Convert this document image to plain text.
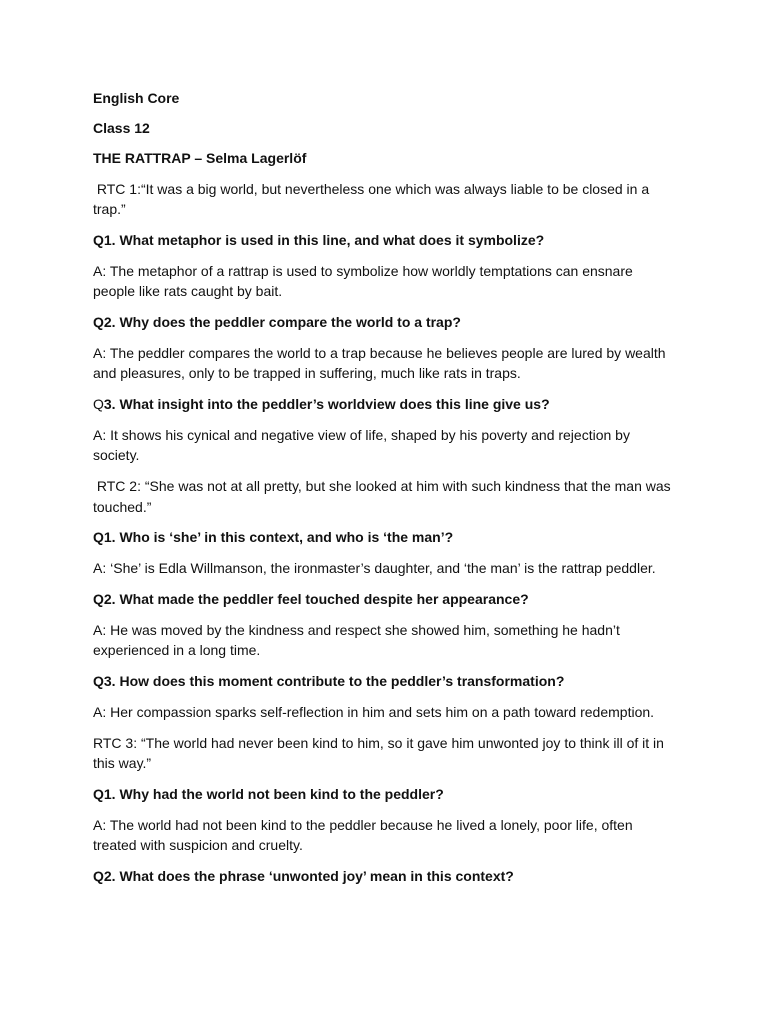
English Core
Class 12
THE RATTRAP – Selma Lagerlöf
RTC 1:“It was a big world, but nevertheless one which was always liable to be closed in a trap.”
Q1. What metaphor is used in this line, and what does it symbolize?
A: The metaphor of a rattrap is used to symbolize how worldly temptations can ensnare people like rats caught by bait.
Q2. Why does the peddler compare the world to a trap?
A: The peddler compares the world to a trap because he believes people are lured by wealth and pleasures, only to be trapped in suffering, much like rats in traps.
Q3. What insight into the peddler’s worldview does this line give us?
A: It shows his cynical and negative view of life, shaped by his poverty and rejection by society.
RTC 2: “She was not at all pretty, but she looked at him with such kindness that the man was touched.”
Q1. Who is ‘she’ in this context, and who is ‘the man’?
A: ‘She’ is Edla Willmanson, the ironmaster’s daughter, and ‘the man’ is the rattrap peddler.
Q2. What made the peddler feel touched despite her appearance?
A: He was moved by the kindness and respect she showed him, something he hadn’t experienced in a long time.
Q3. How does this moment contribute to the peddler’s transformation?
A: Her compassion sparks self-reflection in him and sets him on a path toward redemption.
RTC 3: “The world had never been kind to him, so it gave him unwonted joy to think ill of it in this way.”
Q1. Why had the world not been kind to the peddler?
A: The world had not been kind to the peddler because he lived a lonely, poor life, often treated with suspicion and cruelty.
Q2. What does the phrase ‘unwonted joy’ mean in this context?
